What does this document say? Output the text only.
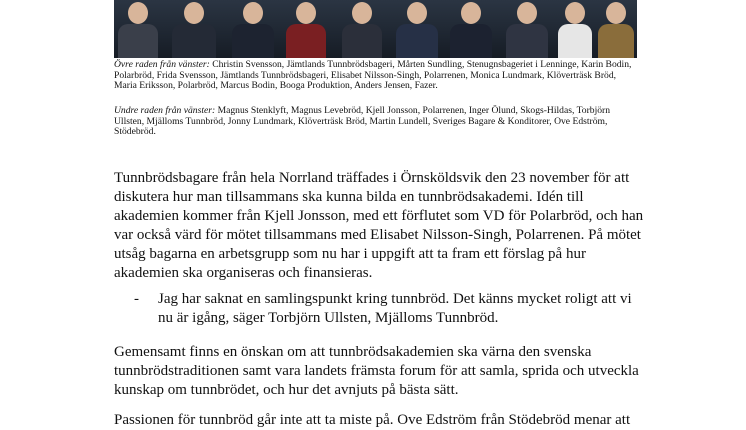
Övre raden från vänster: Christin Svensson, Jämtlands Tunnbrödsbageri, Mårten Sundling, Stenugnsbageriet i Lenninge, Karin Bodin, Polarbröd, Frida Svensson, Jämtlands Tunnbrödsbageri, Elisabet Nilsson-Singh, Polarrenen, Monica Lundmark, Klöverträsk Bröd, Maria Eriksson, Polarbröd, Marcus Bodin, Booga Produktion, Anders Jensen, Fazer.
Undre raden från vänster: Magnus Stenklyft, Magnus Levebröd, Kjell Jonsson, Polarrenen, Inger Ölund, Skogs-Hildas, Torbjörn Ullsten, Mjälloms Tunnbröd, Jonny Lundmark, Klöverträsk Bröd, Martin Lundell, Sveriges Bagare & Konditorer, Ove Edström, Stödebröd.
Tunnbrödsbagare från hela Norrland träffades i Örnsköldsvik den 23 november för att diskutera hur man tillsammans ska kunna bilda en tunnbrödsakademi. Idén till akademien kommer från Kjell Jonsson, med ett förflutet som VD för Polarbröd, och han var också värd för mötet tillsammans med Elisabet Nilsson-Singh, Polarrenen. På mötet utsåg bagarna en arbetsgrupp som nu har i uppgift att ta fram ett förslag på hur akademien ska organiseras och finansieras.
- Jag har saknat en samlingspunkt kring tunnbröd. Det känns mycket roligt att vi nu är igång, säger Torbjörn Ullsten, Mjälloms Tunnbröd.
Gemensamt finns en önskan om att tunnbrödsakademien ska värna den svenska tunnbrödstraditionen samt vara landets främsta forum för att samla, sprida och utveckla kunskap om tunnbrödet, och hur det avnjuts på bästa sätt.
Passionen för tunnbröd går inte att ta miste på. Ove Edström från Stödebröd menar att
